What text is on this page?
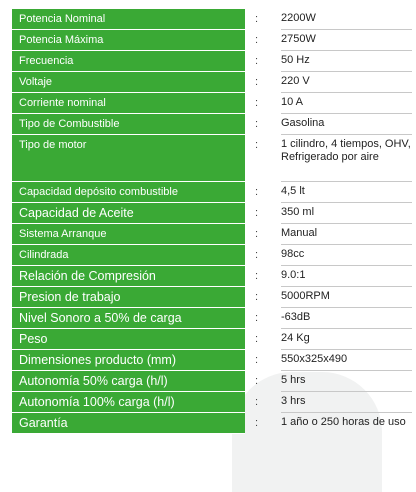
Potencia Nominal	:	2200W
Potencia Máxima	:	2750W
Frecuencia	:	50 Hz
Voltaje	:	220 V
Corriente nominal	:	10 A
Tipo de Combustible	:	Gasolina
Tipo de motor	:	1 cilindro, 4 tiempos, OHV, Refrigerado por aire
Capacidad depósito combustible	:	4,5 lt
Capacidad de Aceite	:	350 ml
Sistema Arranque	:	Manual
Cilindrada	:	98cc
Relación de Compresión	:	9.0:1
Presion de trabajo	:	5000RPM
Nivel Sonoro a 50% de carga	:	-63dB
Peso	:	24 Kg
Dimensiones producto (mm)	:	550x325x490
Autonomía 50% carga (h/l)	:	5 hrs
Autonomía 100% carga (h/l)	:	3 hrs
Garantía	:	1 año o 250 horas de uso
